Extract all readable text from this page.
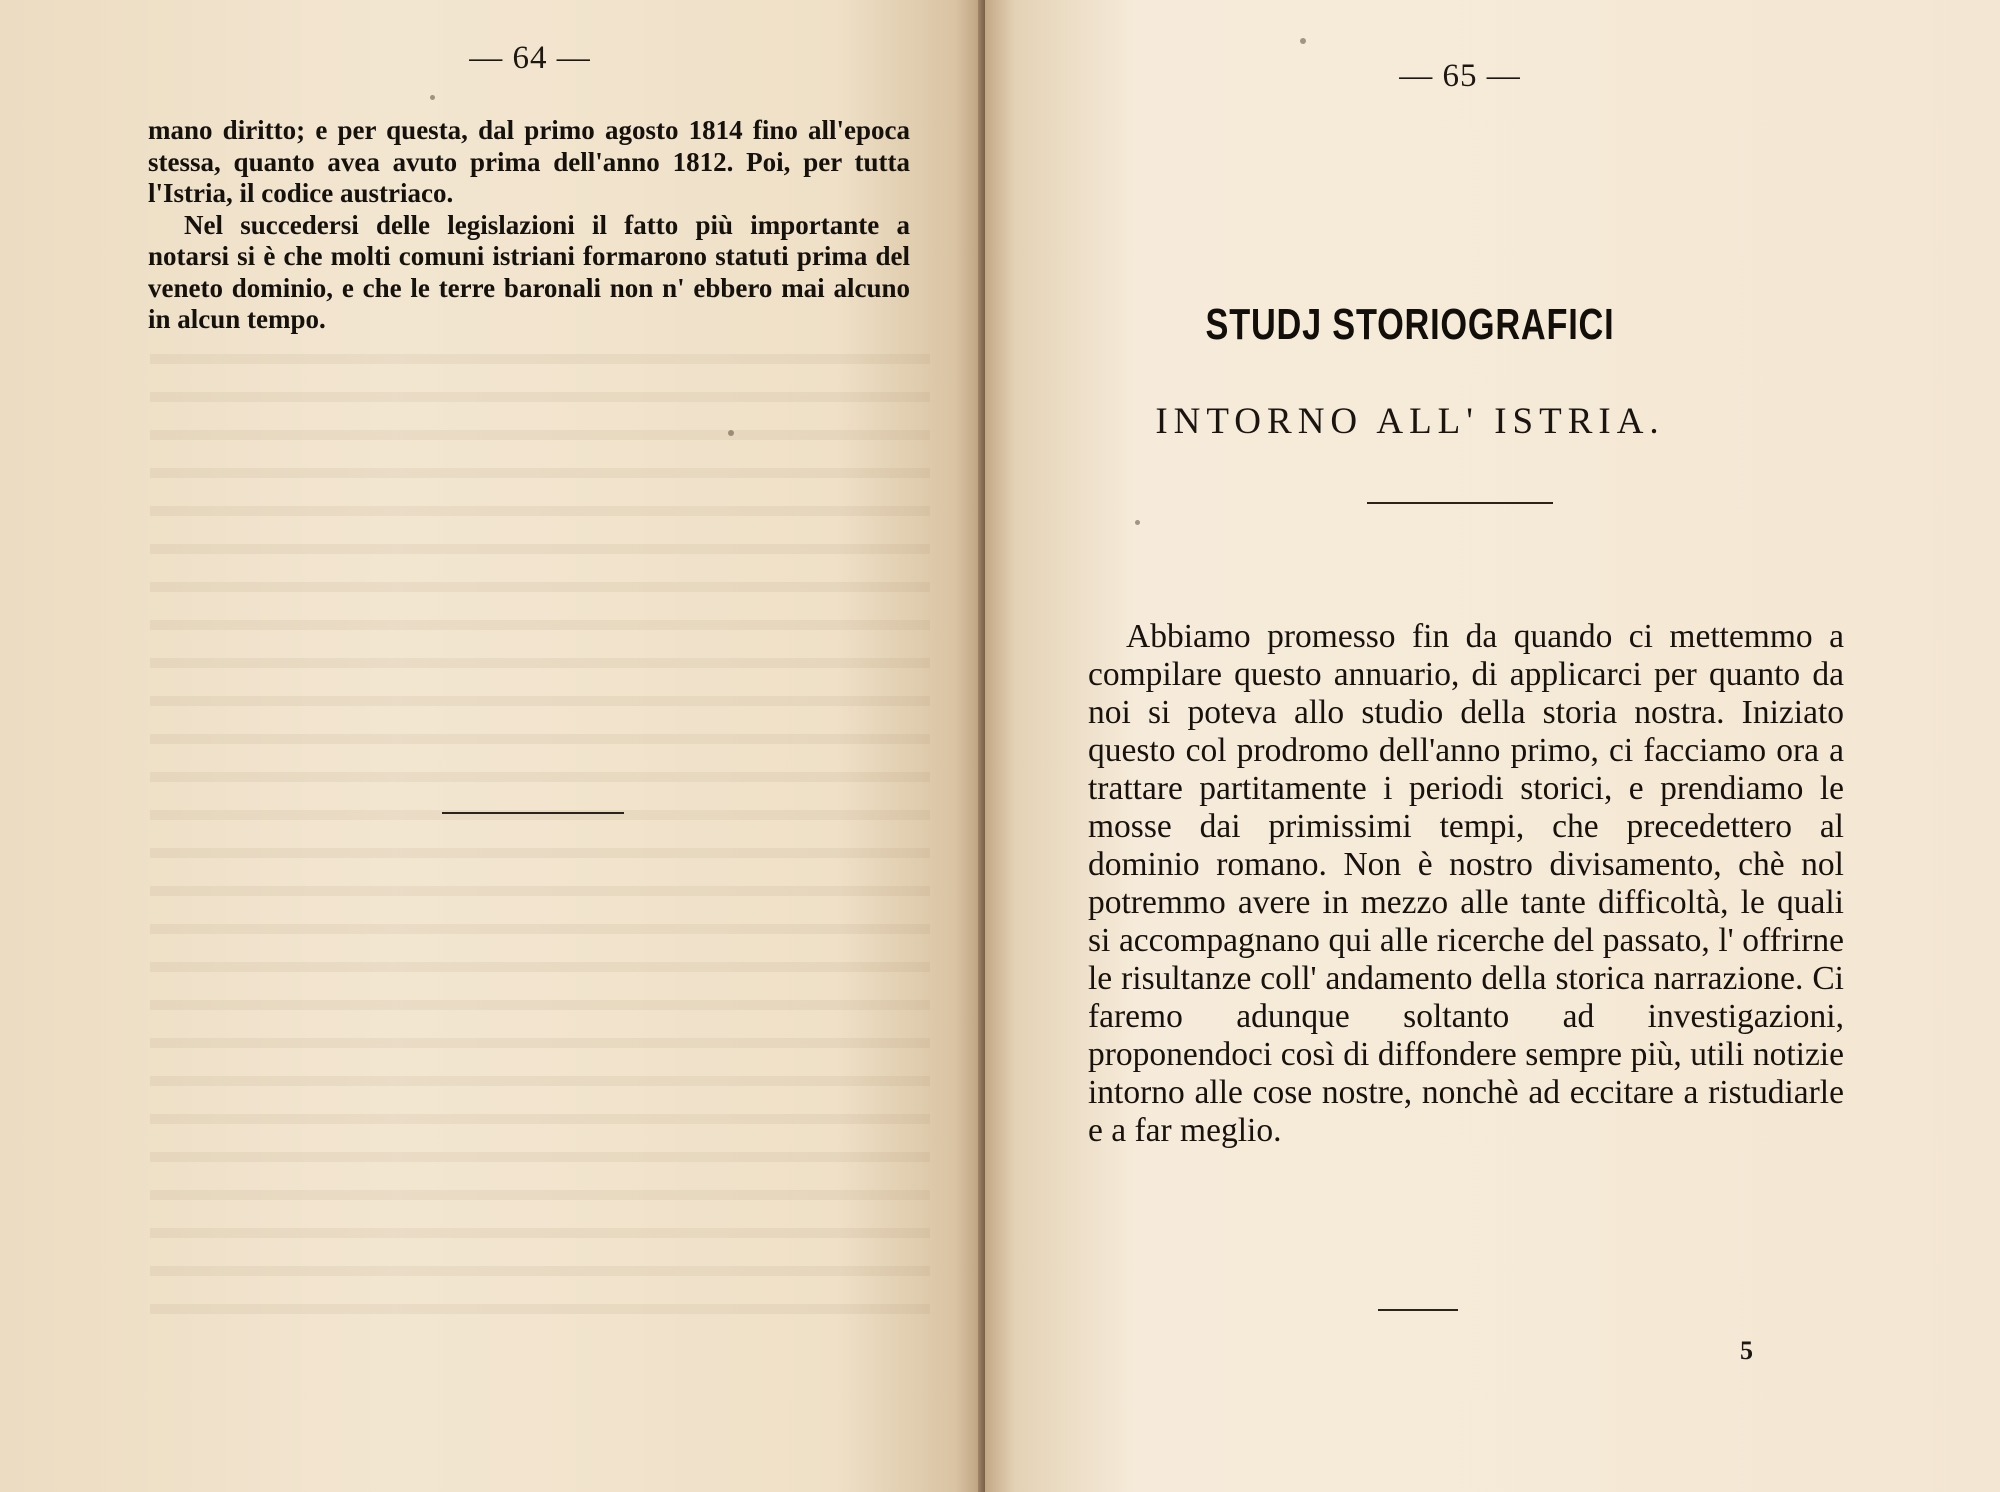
— 64 —

mano diritto; e per questa, dal primo agosto 1814 fino all'epoca stessa, quanto avea avuto prima dell'anno 1812. Poi, per tutta l'Istria, il codice austriaco.

Nel succedersi delle legislazioni il fatto più importante a notarsi si è che molti comuni istriani formarono statuti prima del veneto dominio, e che le terre baronali non n' ebbero mai alcuno in alcun tempo.

— 65 —
STUDJ STORIOGRAFICI
INTORNO ALL' ISTRIA.

Abbiamo promesso fin da quando ci mettemmo a compilare questo annuario, di applicarci per quanto da noi si poteva allo studio della storia nostra. Iniziato questo col prodromo dell'anno primo, ci facciamo ora a trattare partitamente i periodi storici, e prendiamo le mosse dai primissimi tempi, che precedettero al dominio romano. Non è nostro divisamento, chè nol potremmo avere in mezzo alle tante difficoltà, le quali si accompagnano qui alle ricerche del passato, l' offrirne le risultanze coll' andamento della storica narrazione. Ci faremo adunque soltanto ad investigazioni, proponendoci così di diffondere sempre più, utili notizie intorno alle cose nostre, nonchè ad eccitare a ristudiarle e a far meglio.

5
